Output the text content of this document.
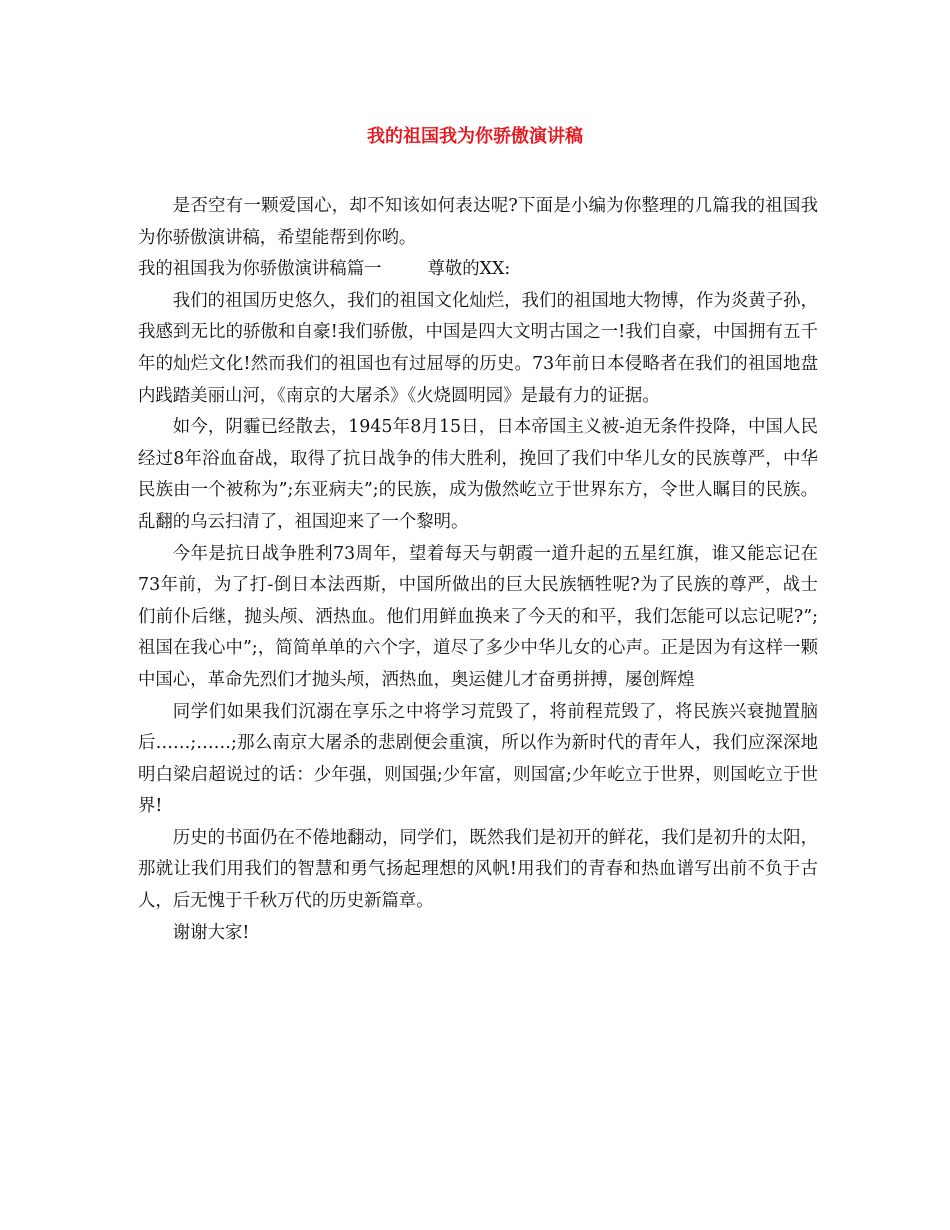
我的祖国我为你骄傲演讲稿

是否空有一颗爱国心，却不知该如何表达呢?下面是小编为你整理的几篇我的祖国我为你骄傲演讲稿，希望能帮到你哟。

我的祖国我为你骄傲演讲稿篇一	尊敬的XX:

我们的祖国历史悠久，我们的祖国文化灿烂，我们的祖国地大物博，作为炎黄子孙，我感到无比的骄傲和自豪!我们骄傲，中国是四大文明古国之一!我们自豪，中国拥有五千年的灿烂文化!然而我们的祖国也有过屈辱的历史。73年前日本侵略者在我们的祖国地盘内践踏美丽山河，《南京的大屠杀》《火烧圆明园》是最有力的证据。

如今，阴霾已经散去，1945年8月15日，日本帝国主义被-迫无条件投降，中国人民经过8年浴血奋战，取得了抗日战争的伟大胜利，挽回了我们中华儿女的民族尊严，中华民族由一个被称为”;东亚病夫”;的民族，成为傲然屹立于世界东方，令世人瞩目的民族。乱翻的乌云扫清了，祖国迎来了一个黎明。

今年是抗日战争胜利73周年，望着每天与朝霞一道升起的五星红旗，谁又能忘记在73年前，为了打-倒日本法西斯，中国所做出的巨大民族牺牲呢?为了民族的尊严，战士们前仆后继，抛头颅、洒热血。他们用鲜血换来了今天的和平，我们怎能可以忘记呢?”;祖国在我心中”;，简简单单的六个字，道尽了多少中华儿女的心声。正是因为有这样一颗中国心，革命先烈们才抛头颅，洒热血，奥运健儿才奋勇拼搏，屡创辉煌

同学们如果我们沉溺在享乐之中将学习荒毁了，将前程荒毁了，将民族兴衰抛置脑后……;……;那么南京大屠杀的悲剧便会重演，所以作为新时代的青年人，我们应深深地明白梁启超说过的话：少年强，则国强;少年富，则国富;少年屹立于世界，则国屹立于世界!

历史的书面仍在不倦地翻动，同学们，既然我们是初开的鲜花，我们是初升的太阳，那就让我们用我们的智慧和勇气扬起理想的风帆!用我们的青春和热血谱写出前不负于古人，后无愧于千秋万代的历史新篇章。

谢谢大家!
